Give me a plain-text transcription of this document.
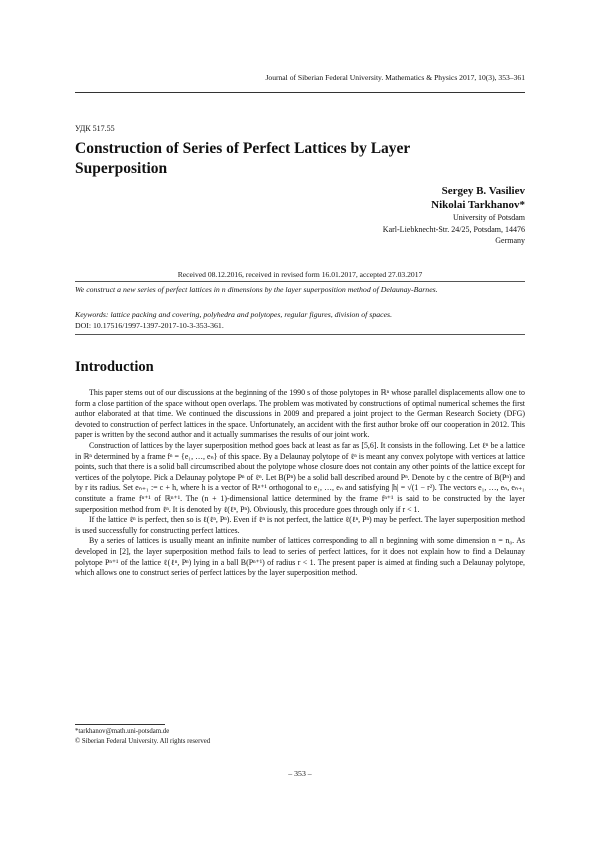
Journal of Siberian Federal University. Mathematics & Physics 2017, 10(3), 353–361
УДК 517.55
Construction of Series of Perfect Lattices by Layer Superposition
Sergey B. Vasiliev
Nikolai Tarkhanov*
University of Potsdam
Karl-Liebknecht-Str. 24/25, Potsdam, 14476
Germany
Received 08.12.2016, received in revised form 16.01.2017, accepted 27.03.2017
We construct a new series of perfect lattices in n dimensions by the layer superposition method of Delaunay-Barnes.
Keywords: lattice packing and covering, polyhedra and polytopes, regular figures, division of spaces.
DOI: 10.17516/1997-1397-2017-10-3-353-361.
Introduction

This paper stems out of our discussions at the beginning of the 1990 s of those polytopes in ℝⁿ whose parallel displacements allow one to form a close partition of the space without open overlaps. The problem was motivated by constructions of optimal numerical schemes the first author elaborated at that time. We continued the discussions in 2009 and prepared a joint project to the German Research Society (DFG) devoted to construction of perfect lattices in the space. Unfortunately, an accident with the first author broke off our cooperation in 2012. This paper is written by the second author and it actually summarises the results of our joint work.

Construction of lattices by the layer superposition method goes back at least as far as [5,6]. It consists in the following. Let ℓⁿ be a lattice in ℝⁿ determined by a frame fⁿ = {e₁, …, eₙ} of this space. By a Delaunay polytope of ℓⁿ is meant any convex polytope with vertices at lattice points, such that there is a solid ball circumscribed about the polytope whose closure does not contain any other points of the lattice except for vertices of the polytope. Pick a Delaunay polytope Pⁿ of ℓⁿ. Let B(Pⁿ) be a solid ball described around Pⁿ. Denote by c the centre of B(Pⁿ) and by r its radius. Set eₙ₊₁ := c + h, where h is a vector of ℝⁿ⁺¹ orthogonal to e₁, …, eₙ and satisfying |h| = √(1 − r²). The vectors e₁, …, eₙ, eₙ₊₁ constitute a frame fⁿ⁺¹ of ℝⁿ⁺¹. The (n + 1)-dimensional lattice determined by the frame fⁿ⁺¹ is said to be constructed by the layer superposition method from ℓⁿ. It is denoted by ℓ(ℓⁿ, Pⁿ). Obviously, this procedure goes through only if r < 1.

If the lattice ℓⁿ is perfect, then so is ℓ(ℓⁿ, Pⁿ). Even if ℓⁿ is not perfect, the lattice ℓ(ℓⁿ, Pⁿ) may be perfect. The layer superposition method is used successfully for constructing perfect lattices.

By a series of lattices is usually meant an infinite number of lattices corresponding to all n beginning with some dimension n = n₀. As developed in [2], the layer superposition method fails to lead to series of perfect lattices, for it does not explain how to find a Delaunay polytope Pⁿ⁺¹ of the lattice ℓ(ℓⁿ, Pⁿ) lying in a ball B(Pⁿ⁺¹) of radius r < 1. The present paper is aimed at finding such a Delaunay polytope, which allows one to construct series of perfect lattices by the layer superposition method.

*tarkhanov@math.uni-potsdam.de
© Siberian Federal University. All rights reserved
– 353 –
